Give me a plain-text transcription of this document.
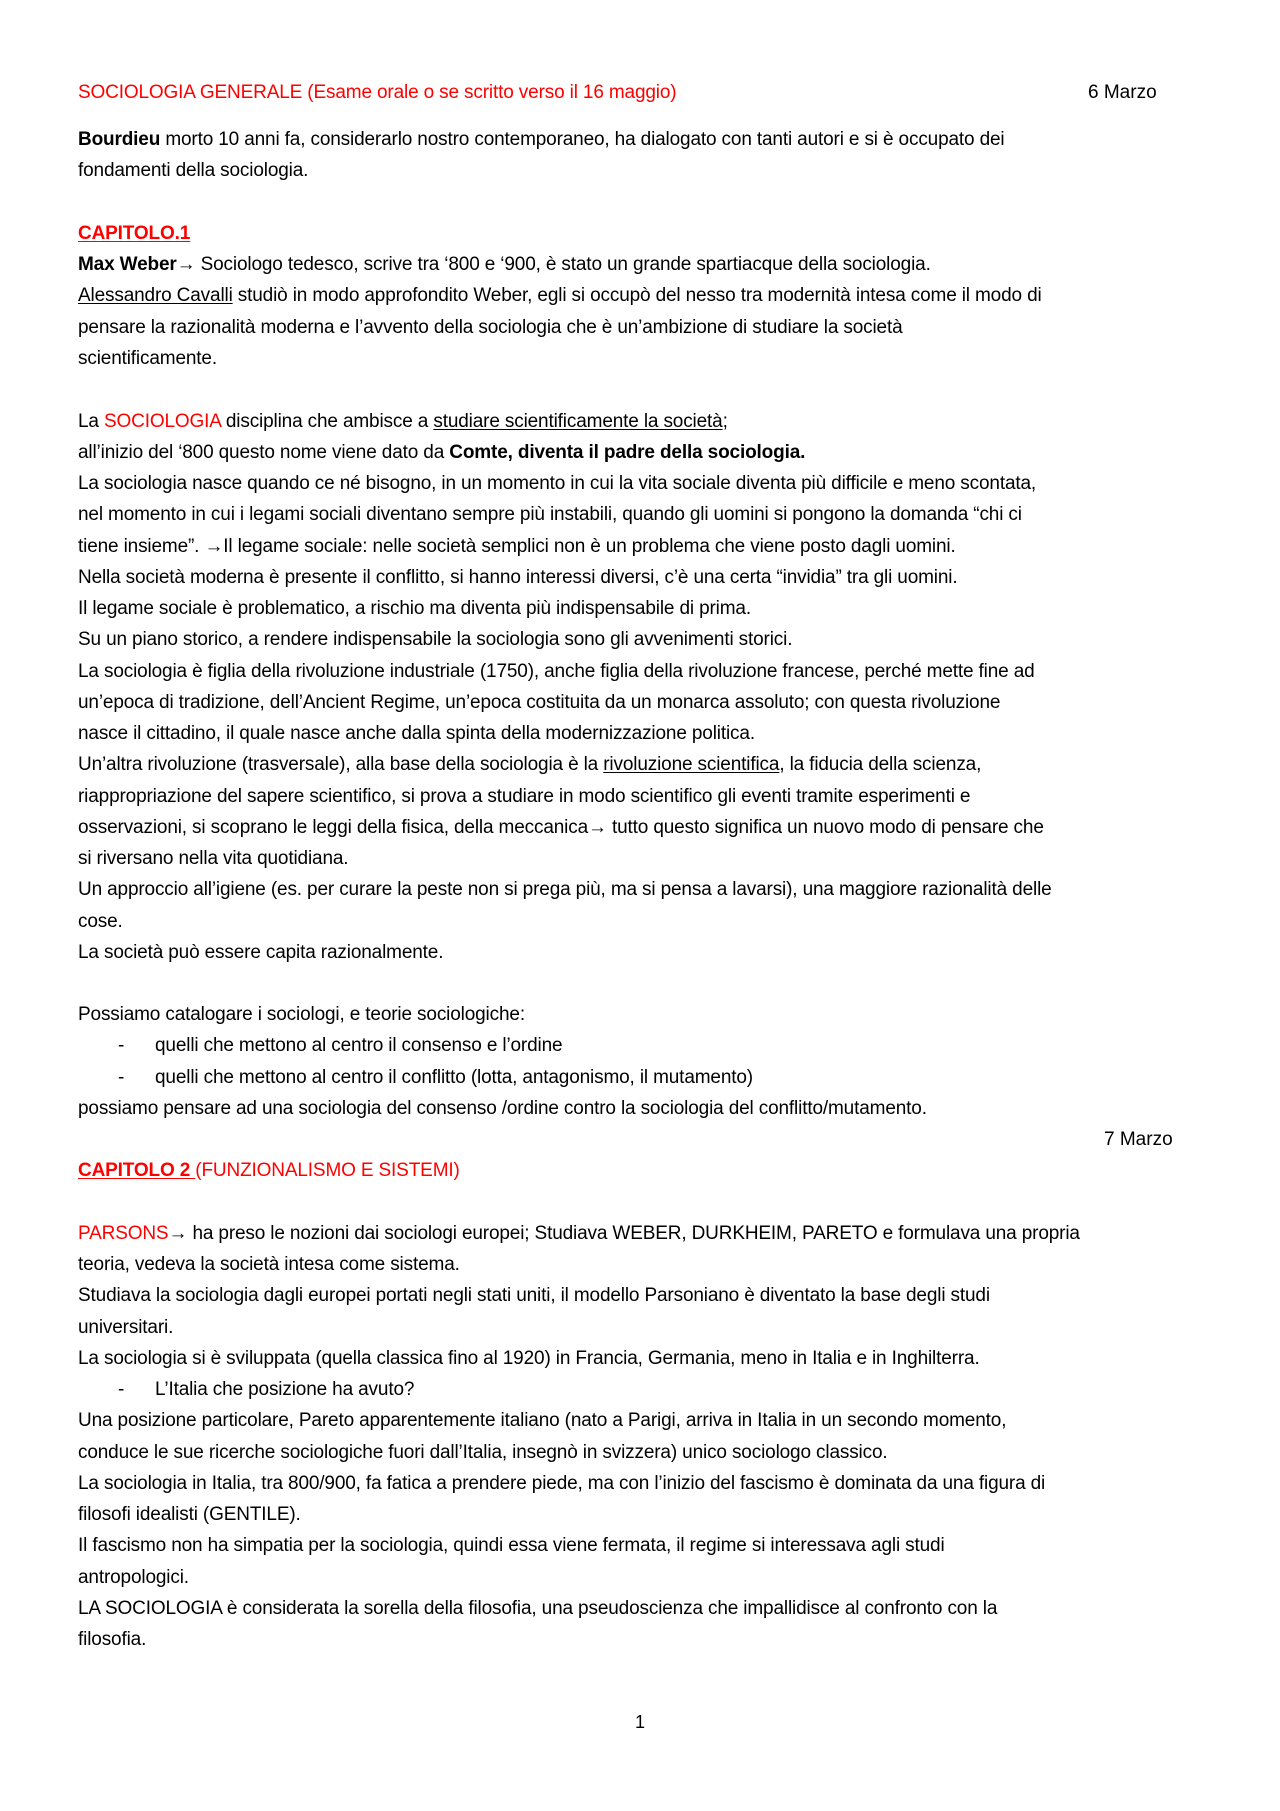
SOCIOLOGIA GENERALE (Esame orale o se scritto verso il 16 maggio)	6 Marzo
Bourdieu morto 10 anni fa, considerarlo nostro contemporaneo, ha dialogato con tanti autori e si è occupato dei
fondamenti della sociologia.
CAPITOLO.1
Max Weber→ Sociologo tedesco, scrive tra ‘800 e ‘900, è stato un grande spartiacque della sociologia.
Alessandro Cavalli studiò in modo approfondito Weber, egli si occupò del nesso tra modernità intesa come il modo di
pensare la razionalità moderna e l’avvento della sociologia che è un’ambizione di studiare la società
scientificamente.
La SOCIOLOGIA disciplina che ambisce a studiare scientificamente la società;
all’inizio del ‘800 questo nome viene dato da Comte, diventa il padre della sociologia.
La sociologia nasce quando ce né bisogno, in un momento in cui la vita sociale diventa più difficile e meno scontata,
nel momento in cui i legami sociali diventano sempre più instabili, quando gli uomini si pongono la domanda “chi ci
tiene insieme”. →Il legame sociale: nelle società semplici non è un problema che viene posto dagli uomini.
Nella società moderna è presente il conflitto, si hanno interessi diversi, c’è una certa “invidia” tra gli uomini.
Il legame sociale è problematico, a rischio ma diventa più indispensabile di prima.
Su un piano storico, a rendere indispensabile la sociologia sono gli avvenimenti storici.
La sociologia è figlia della rivoluzione industriale (1750), anche figlia della rivoluzione francese, perché mette fine ad
un’epoca di tradizione, dell’Ancient Regime, un’epoca costituita da un monarca assoluto; con questa rivoluzione
nasce il cittadino, il quale nasce anche dalla spinta della modernizzazione politica.
Un’altra rivoluzione (trasversale), alla base della sociologia è la rivoluzione scientifica, la fiducia della scienza,
riappropriazione del sapere scientifico, si prova a studiare in modo scientifico gli eventi tramite esperimenti e
osservazioni, si scoprano le leggi della fisica, della meccanica→ tutto questo significa un nuovo modo di pensare che
si riversano nella vita quotidiana.
Un approccio all’igiene (es. per curare la peste non si prega più, ma si pensa a lavarsi), una maggiore razionalità delle
cose.
La società può essere capita razionalmente.
Possiamo catalogare i sociologi, e teorie sociologiche:
- quelli che mettono al centro il consenso e l’ordine
- quelli che mettono al centro il conflitto (lotta, antagonismo, il mutamento)
possiamo pensare ad una sociologia del consenso /ordine contro la sociologia del conflitto/mutamento.
7 Marzo
CAPITOLO 2 (FUNZIONALISMO E SISTEMI)
PARSONS→ ha preso le nozioni dai sociologi europei; Studiava WEBER, DURKHEIM, PARETO e formulava una propria
teoria, vedeva la società intesa come sistema.
Studiava la sociologia dagli europei portati negli stati uniti, il modello Parsoniano è diventato la base degli studi
universitari.
La sociologia si è sviluppata (quella classica fino al 1920) in Francia, Germania, meno in Italia e in Inghilterra.
- L’Italia che posizione ha avuto?
Una posizione particolare, Pareto apparentemente italiano (nato a Parigi, arriva in Italia in un secondo momento,
conduce le sue ricerche sociologiche fuori dall’Italia, insegnò in svizzera) unico sociologo classico.
La sociologia in Italia, tra 800/900, fa fatica a prendere piede, ma con l’inizio del fascismo è dominata da una figura di
filosofi idealisti (GENTILE).
Il fascismo non ha simpatia per la sociologia, quindi essa viene fermata, il regime si interessava agli studi
antropologici.
LA SOCIOLOGIA è considerata la sorella della filosofia, una pseudoscienza che impallidisce al confronto con la
filosofia.
1
